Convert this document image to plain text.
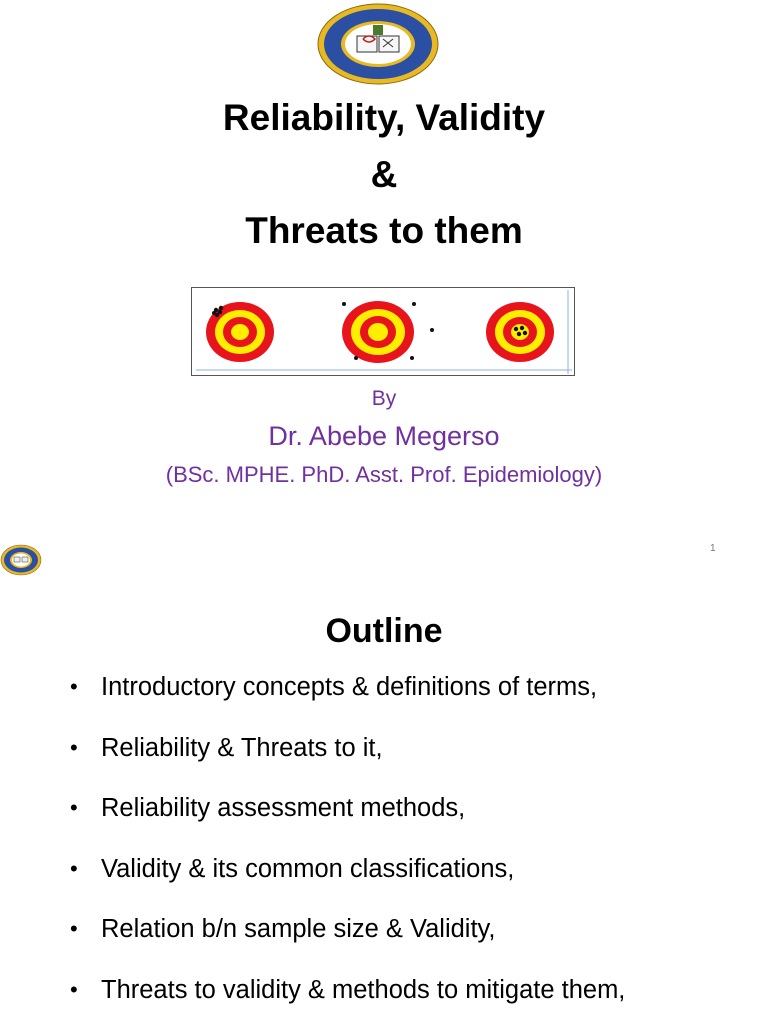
Reliability, Validity
&
Threats to them
By
Dr. Abebe Megerso
(BSc. MPHE. PhD. Asst. Prof. Epidemiology)
1
Outline
• Introductory concepts & definitions of terms,
• Reliability & Threats to it,
• Reliability assessment methods,
• Validity & its common classifications,
• Relation b/n sample size & Validity,
• Threats to validity & methods to mitigate them,
